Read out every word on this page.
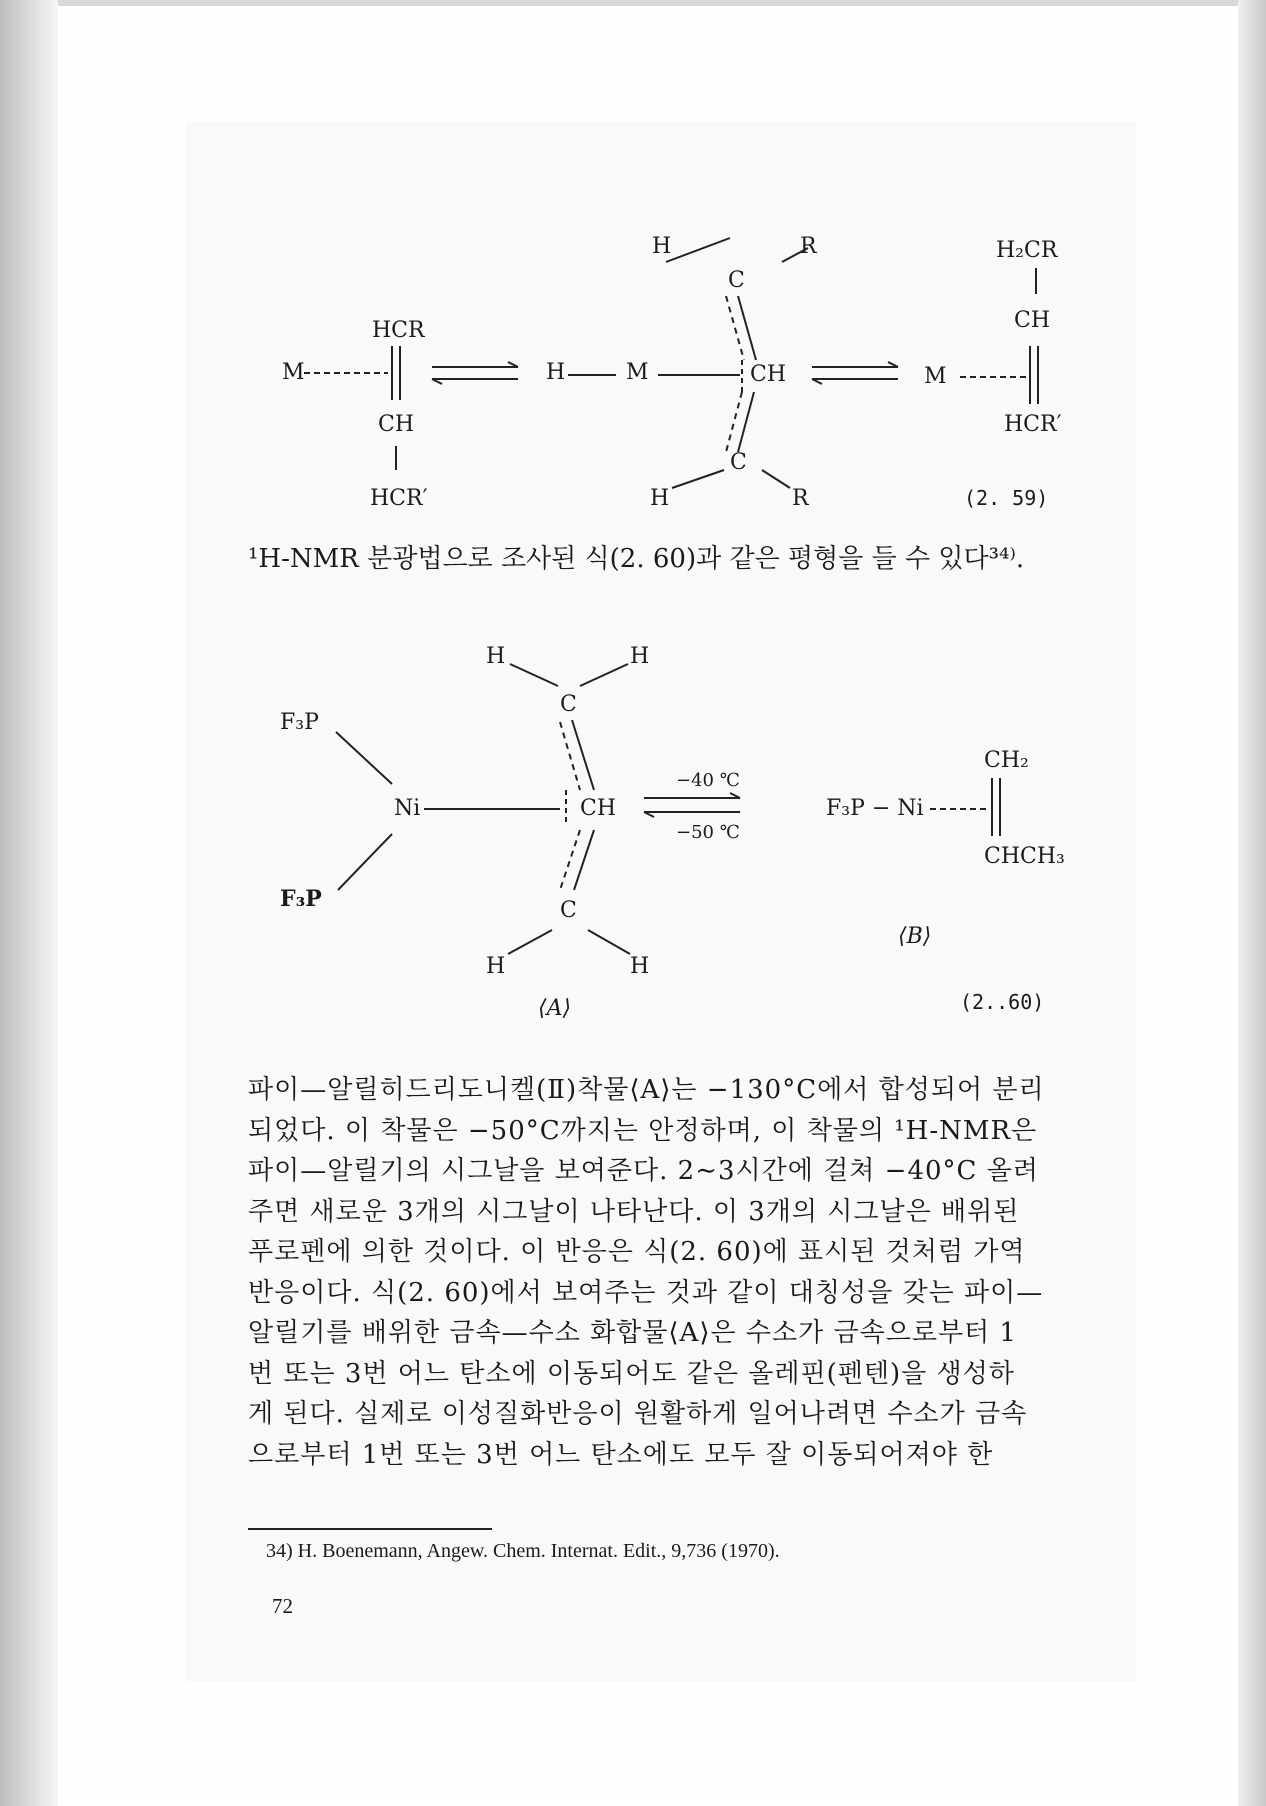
M
HCR
CH
HCR′
H	M
H	R
C
CH
C
H	R
H₂CR
CH
M
HCR′
(2. 59)
¹H-NMR 분광법으로 조사된 식(2. 60)과 같은 평형을 들 수 있다³⁴⁾.
F₃P
F₃P
Ni
H	H
C
CH
C
H	H
−40 ℃
−50 ℃
⟨A⟩
F₃P − Ni
CH₂
CHCH₃
⟨B⟩
(2..60)
파이—알릴히드리도니켈(Ⅱ)착물⟨A⟩는 −130°C에서 합성되어 분리
되었다. 이 착물은 −50°C까지는 안정하며, 이 착물의 ¹H-NMR은
파이—알릴기의 시그날을 보여준다. 2∼3시간에 걸쳐 −40°C 올려
주면 새로운 3개의 시그날이 나타난다. 이 3개의 시그날은 배위된
푸로펜에 의한 것이다. 이 반응은 식(2. 60)에 표시된 것처럼 가역
반응이다. 식(2. 60)에서 보여주는 것과 같이 대칭성을 갖는 파이—
알릴기를 배위한 금속—수소 화합물⟨A⟩은 수소가 금속으로부터 1
번 또는 3번 어느 탄소에 이동되어도 같은 올레핀(펜텐)을 생성하
게 된다. 실제로 이성질화반응이 원활하게 일어나려면 수소가 금속
으로부터 1번 또는 3번 어느 탄소에도 모두 잘 이동되어져야 한
34) H. Boenemann, Angew. Chem. Internat. Edit., 9,736 (1970).
72
